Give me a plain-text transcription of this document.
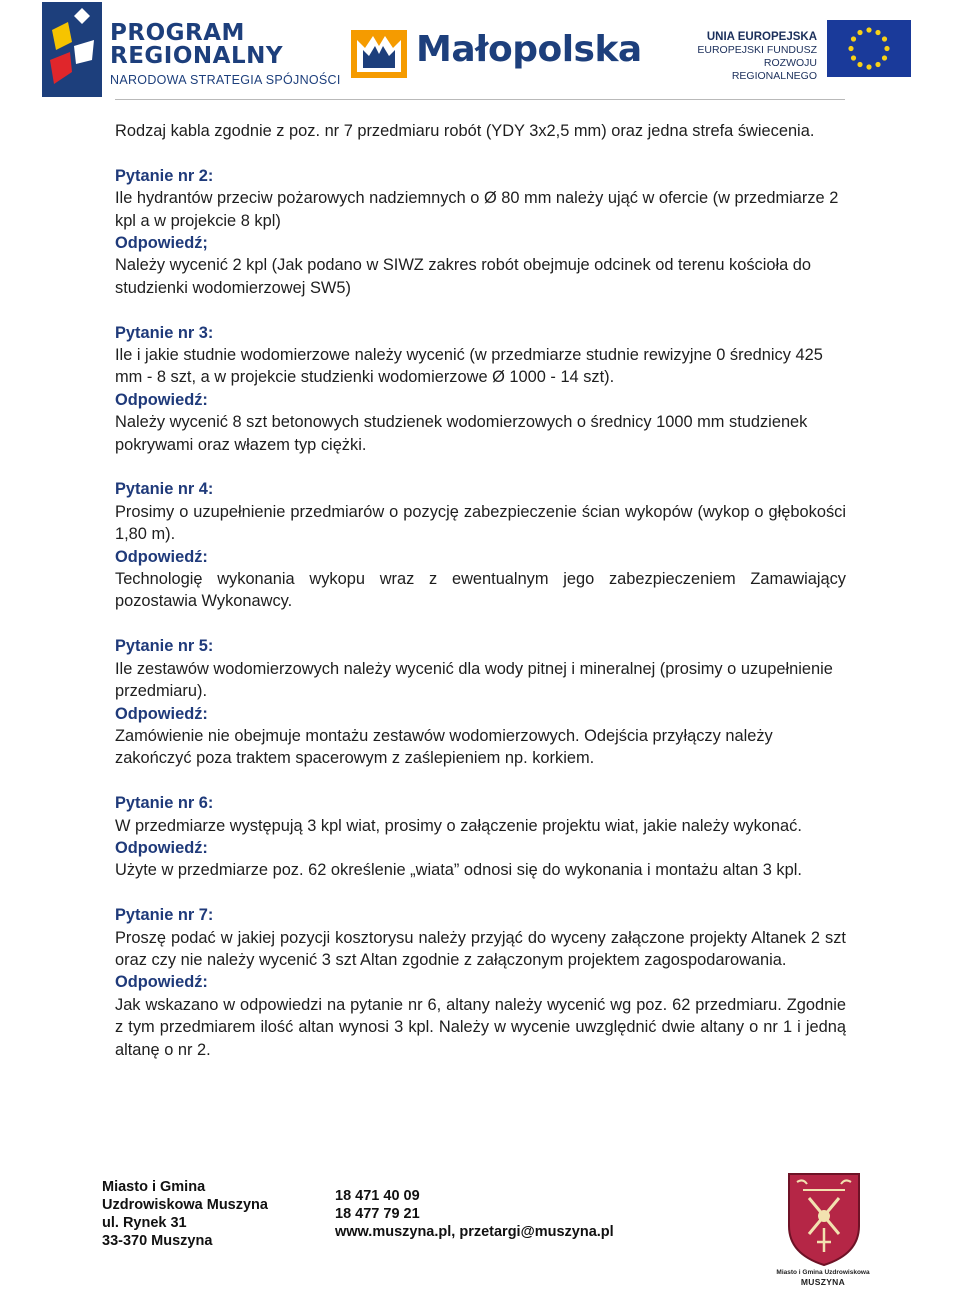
PROGRAM
REGIONALNY
NARODOWA STRATEGIA SPÓJNOŚCI
Małopolska	UNIA EUROPEJSKA
EUROPEJSKI FUNDUSZ
ROZWOJU REGIONALNEGO

Rodzaj kabla zgodnie z poz. nr 7 przedmiaru robót (YDY 3x2,5 mm) oraz jedna strefa świecenia.

Pytanie nr 2:

Ile hydrantów przeciw pożarowych nadziemnych o Ø 80 mm należy ująć w ofercie (w przedmiarze 2 kpl a w projekcie 8 kpl)

Odpowiedź;

Należy wycenić 2 kpl (Jak podano w SIWZ zakres robót obejmuje odcinek od terenu kościoła do studzienki wodomierzowej SW5)

Pytanie nr 3:

Ile i jakie studnie wodomierzowe należy wycenić (w przedmiarze studnie rewizyjne 0 średnicy 425 mm - 8 szt, a w projekcie studzienki wodomierzowe Ø 1000 - 14 szt).

Odpowiedź:

Należy wycenić 8 szt betonowych studzienek wodomierzowych o średnicy 1000 mm studzienek pokrywami oraz włazem typ ciężki.

Pytanie nr 4:

Prosimy o uzupełnienie przedmiarów o pozycję zabezpieczenie ścian wykopów (wykop o głębokości 1,80 m).

Odpowiedź:

Technologię wykonania wykopu wraz z ewentualnym jego zabezpieczeniem Zamawiający pozostawia Wykonawcy.

Pytanie nr 5:

Ile zestawów wodomierzowych należy wycenić dla wody pitnej i mineralnej (prosimy o uzupełnienie przedmiaru).

Odpowiedź:

Zamówienie nie obejmuje montażu zestawów wodomierzowych. Odejścia przyłączy należy zakończyć poza traktem spacerowym z zaślepieniem np. korkiem.

Pytanie nr 6:

W przedmiarze występują 3 kpl wiat, prosimy o załączenie projektu wiat, jakie należy wykonać.

Odpowiedź:

Użyte w przedmiarze poz. 62 określenie „wiata” odnosi się do wykonania i montażu altan 3 kpl.

Pytanie nr 7:

Proszę podać w jakiej pozycji kosztorysu należy przyjąć do wyceny załączone projekty Altanek 2 szt oraz czy nie należy wycenić 3 szt Altan zgodnie z załączonym projektem zagospodarowania.

Odpowiedź:

Jak wskazano w odpowiedzi na pytanie nr 6, altany należy wycenić wg poz. 62 przedmiaru. Zgodnie z tym przedmiarem ilość altan wynosi 3 kpl. Należy w wycenie uwzględnić dwie altany o nr 1 i jedną altanę o nr 2.

Miasto i Gmina
Uzdrowiskowa Muszyna
ul. Rynek 31
33-370 Muszyna
18 471 40 09
18 477 79 21
www.muszyna.pl, przetargi@muszyna.pl
Miasto i Gmina Uzdrowiskowa
MUSZYNA
